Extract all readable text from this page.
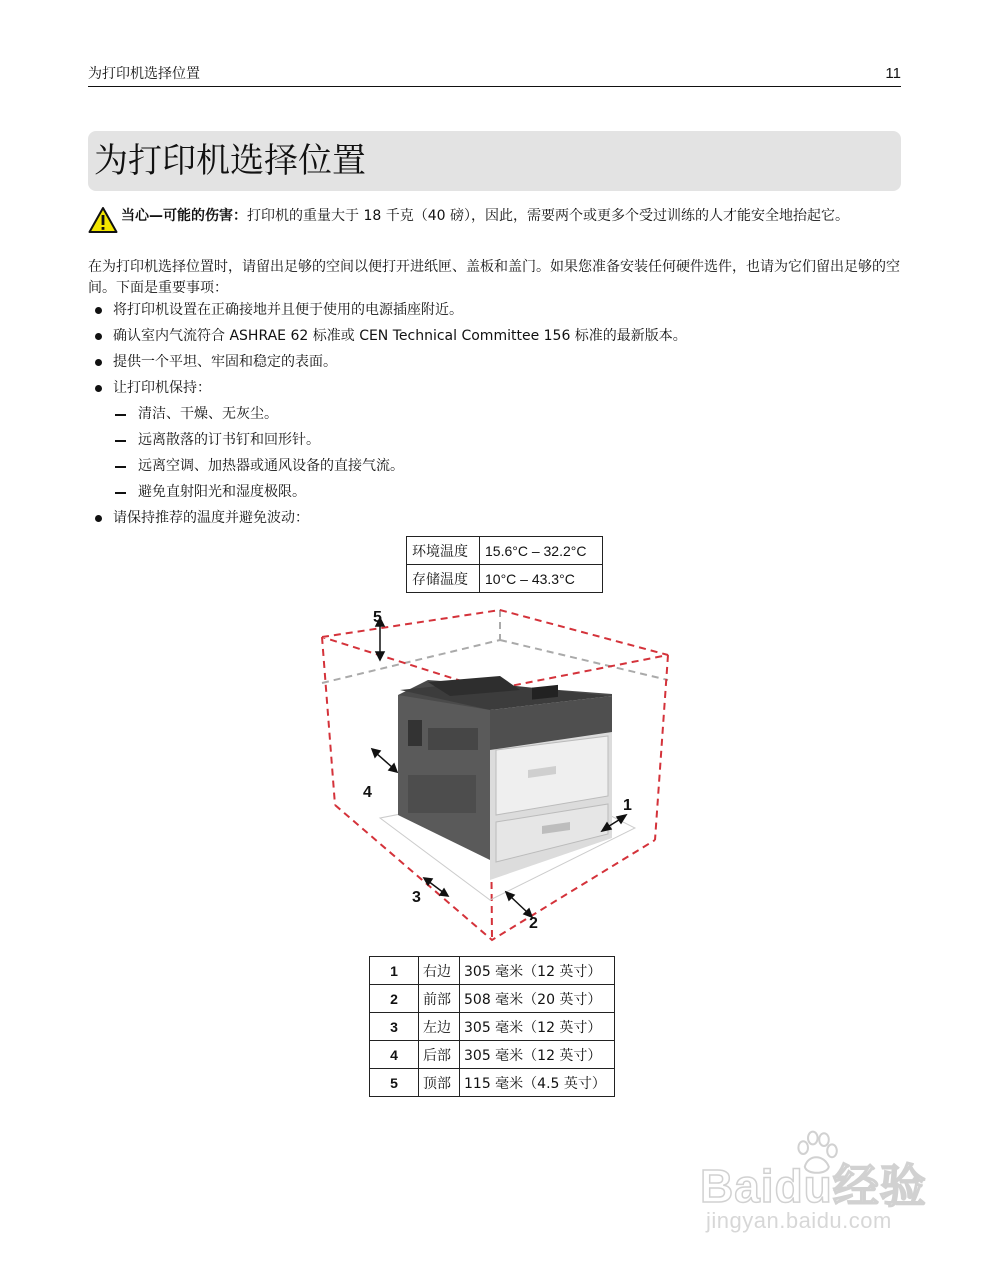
为打印机选择位置	11
为打印机选择位置
当心—可能的伤害：打印机的重量大于 18 千克（40 磅），因此，需要两个或更多个受过训练的人才能安全地抬起它。
在为打印机选择位置时，请留出足够的空间以便打开进纸匣、盖板和盖门。如果您准备安装任何硬件选件，也请为它们留出足够的空间。下面是重要事项：
将打印机设置在正确接地并且便于使用的电源插座附近。
确认室内气流符合 ASHRAE 62 标准或 CEN Technical Committee 156 标准的最新版本。
提供一个平坦、牢固和稳定的表面。
让打印机保持：
清洁、干燥、无灰尘。
远离散落的订书钉和回形针。
远离空调、加热器或通风设备的直接气流。
避免直射阳光和湿度极限。
请保持推荐的温度并避免波动：
环境温度	15.6°C – 32.2°C
存储温度	10°C – 43.3°C
5
4
1
3
2
1	右边	305 毫米（12 英寸）
2	前部	508 毫米（20 英寸）
3	左边	305 毫米（12 英寸）
4	后部	305 毫米（12 英寸）
5	顶部	115 毫米（4.5 英寸）
Baidu经验
jingyan.baidu.com
